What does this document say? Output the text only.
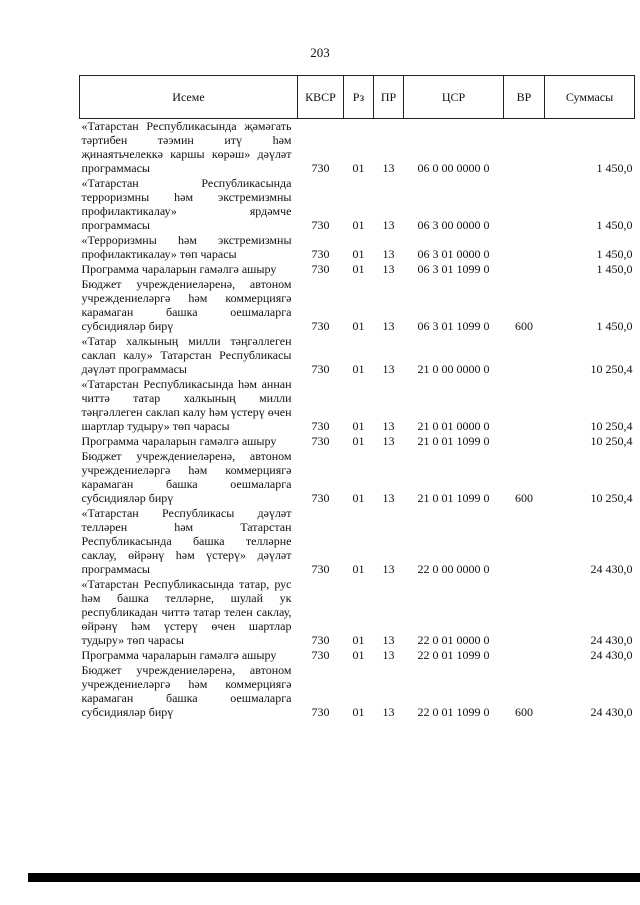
203
Исеме	КВСР	Рз	ПР	ЦСР	ВР	Суммасы
«Татарстан Республикасында җәмәгать тәртибен тәэмин итү һәм җинаятьчелеккә каршы көрәш» дәүләт программасы	730	01	13	06 0 00 0000 0		1 450,0
«Татарстан Республикасында терроризмны һәм экстремизмны профилактикалау» ярдәмче программасы	730	01	13	06 3 00 0000 0		1 450,0
«Терроризмны һәм экстремизмны профилактикалау» төп чарасы	730	01	13	06 3 01 0000 0		1 450,0
Программа чараларын гамәлгә ашыру	730	01	13	06 3 01 1099 0		1 450,0
Бюджет учреждениеләренә, автоном учреждениеләргә һәм коммерциягә карамаган башка оешмаларга субсидияләр бирү	730	01	13	06 3 01 1099 0	600	1 450,0
«Татар халкының милли тәңгәллеген саклап калу» Татарстан Республикасы дәүләт программасы	730	01	13	21 0 00 0000 0		10 250,4
«Татарстан Республикасында һәм аннан читтә татар халкының милли тәңгәллеген саклап калу һәм үстерү өчен шартлар тудыру» төп чарасы	730	01	13	21 0 01 0000 0		10 250,4
Программа чараларын гамәлгә ашыру	730	01	13	21 0 01 1099 0		10 250,4
Бюджет учреждениеләренә, автоном учреждениеләргә һәм коммерциягә карамаган башка оешмаларга субсидияләр бирү	730	01	13	21 0 01 1099 0	600	10 250,4
«Татарстан Республикасы дәүләт телләрен һәм Татарстан Республикасында башка телләрне саклау, өйрәнү һәм үстерү» дәүләт программасы	730	01	13	22 0 00 0000 0		24 430,0
«Татарстан Республикасында татар, рус һәм башка телләрне, шулай ук республикадан читтә татар телен саклау, өйрәнү һәм үстерү өчен шартлар тудыру» төп чарасы	730	01	13	22 0 01 0000 0		24 430,0
Программа чараларын гамәлгә ашыру	730	01	13	22 0 01 1099 0		24 430,0
Бюджет учреждениеләренә, автоном учреждениеләргә һәм коммерциягә карамаган башка оешмаларга субсидияләр бирү	730	01	13	22 0 01 1099 0	600	24 430,0
